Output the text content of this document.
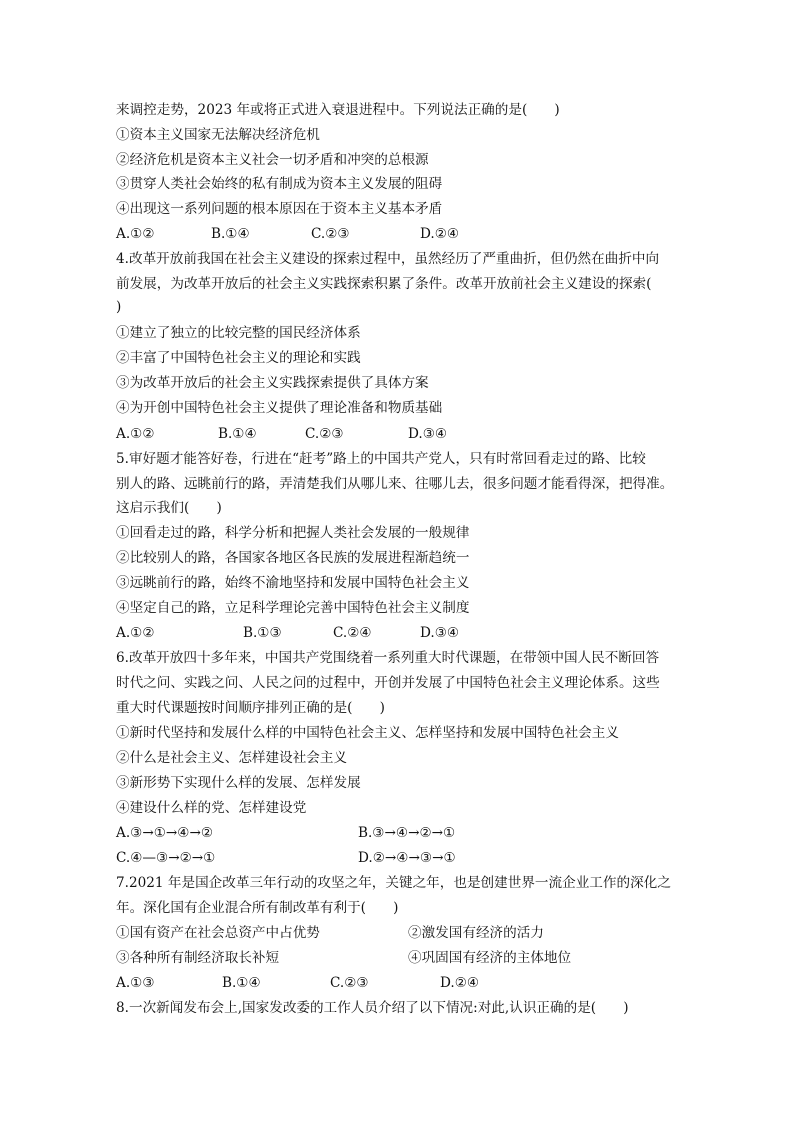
来调控走势，2023 年或将正式进入衰退进程中。下列说法正确的是(　　)
①资本主义国家无法解决经济危机
②经济危机是资本主义社会一切矛盾和冲突的总根源
③贯穿人类社会始终的私有制成为资本主义发展的阻碍
④出现这一系列问题的根本原因在于资本主义基本矛盾
A.①②	B.①④	C.②③	D.②④
4.改革开放前我国在社会主义建设的探索过程中，虽然经历了严重曲折，但仍然在曲折中向
前发展，为改革开放后的社会主义实践探索积累了条件。改革开放前社会主义建设的探索(
)
①建立了独立的比较完整的国民经济体系
②丰富了中国特色社会主义的理论和实践
③为改革开放后的社会主义实践探索提供了具体方案
④为开创中国特色社会主义提供了理论准备和物质基础
A.①②	B.①④	C.②③	D.③④
5.审好题才能答好卷，行进在“赶考”路上的中国共产党人，只有时常回看走过的路、比较
别人的路、远眺前行的路，弄清楚我们从哪儿来、往哪儿去，很多问题才能看得深，把得准。
这启示我们(　　)
①回看走过的路，科学分析和把握人类社会发展的一般规律
②比较别人的路，各国家各地区各民族的发展进程渐趋统一
③远眺前行的路，始终不渝地坚持和发展中国特色社会主义
④坚定自己的路，立足科学理论完善中国特色社会主义制度
A.①②	B.①③	C.②④	D.③④
6.改革开放四十多年来，中国共产党围绕着一系列重大时代课题，在带领中国人民不断回答
时代之问、实践之问、人民之问的过程中，开创并发展了中国特色社会主义理论体系。这些
重大时代课题按时间顺序排列正确的是(　　)
①新时代坚持和发展什么样的中国特色社会主义、怎样坚持和发展中国特色社会主义
②什么是社会主义、怎样建设社会主义
③新形势下实现什么样的发展、怎样发展
④建设什么样的党、怎样建设党
A.③→①→④→②	B.③→④→②→①
C.④—③→②→①	D.②→④→③→①
7.2021 年是国企改革三年行动的攻坚之年，关键之年，也是创建世界一流企业工作的深化之
年。深化国有企业混合所有制改革有利于(　　)
①国有资产在社会总资产中占优势	②激发国有经济的活力
③各种所有制经济取长补短	④巩固国有经济的主体地位
A.①③	B.①④	C.②③	D.②④
8.一次新闻发布会上,国家发改委的工作人员介绍了以下情况:对此,认识正确的是(　　)
